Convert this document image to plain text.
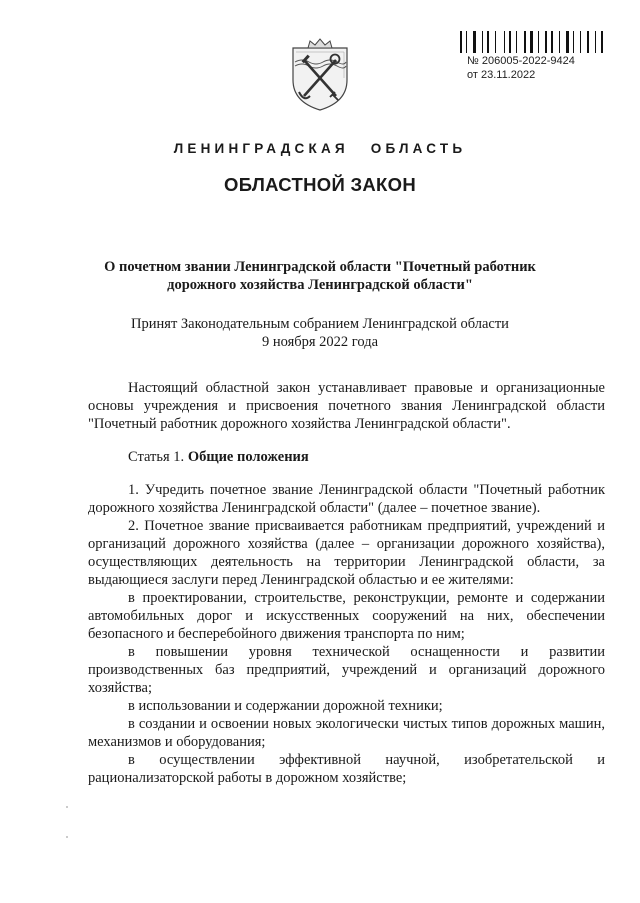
№ 206005-2022-9424
от 23.11.2022
ЛЕНИНГРАДСКАЯ ОБЛАСТЬ
ОБЛАСТНОЙ ЗАКОН
О почетном звании Ленинградской области "Почетный работник
дорожного хозяйства Ленинградской области"
Принят Законодательным собранием Ленинградской области
9 ноября 2022 года

Настоящий областной закон устанавливает правовые и организационные основы учреждения и присвоения почетного звания Ленинградской области "Почетный работник дорожного хозяйства Ленинградской области".

Статья 1. Общие положения

1. Учредить почетное звание Ленинградской области "Почетный работник дорожного хозяйства Ленинградской области" (далее – почетное звание).

2. Почетное звание присваивается работникам предприятий, учреждений и организаций дорожного хозяйства (далее – организации дорожного хозяйства), осуществляющих деятельность на территории Ленинградской области, за выдающиеся заслуги перед Ленинградской областью и ее жителями:

в проектировании, строительстве, реконструкции, ремонте и содержании автомобильных дорог и искусственных сооружений на них, обеспечении безопасного и бесперебойного движения транспорта по ним;

в повышении уровня технической оснащенности и развитии производственных баз предприятий, учреждений и организаций дорожного хозяйства;

в использовании и содержании дорожной техники;

в создании и освоении новых экологически чистых типов дорожных машин, механизмов и оборудования;

в осуществлении эффективной научной, изобретательской и рационализаторской работы в дорожном хозяйстве;
